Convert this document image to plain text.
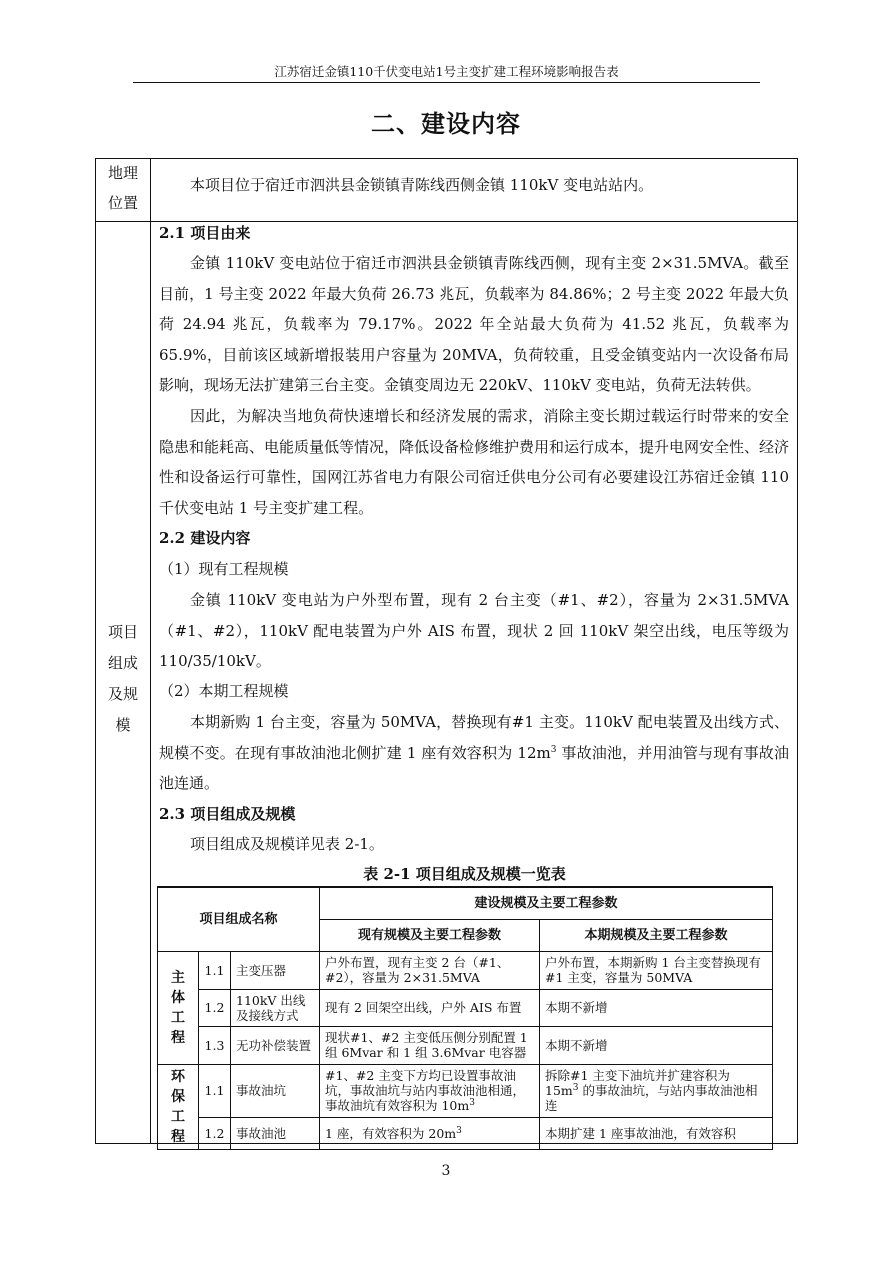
江苏宿迁金镇110千伏变电站1号主变扩建工程环境影响报告表
二、建设内容
地理
位置

本项目位于宿迁市泗洪县金锁镇青陈线西侧金镇 110kV 变电站站内。

项目
组成
及规
模

2.1 项目由来

金镇 110kV 变电站位于宿迁市泗洪县金锁镇青陈线西侧，现有主变 2×31.5MVA。截至目前，1 号主变 2022 年最大负荷 26.73 兆瓦，负载率为 84.86%；2 号主变 2022 年最大负荷 24.94 兆瓦，负载率为 79.17%。2022 年全站最大负荷为 41.52 兆瓦，负载率为 65.9%，目前该区域新增报装用户容量为 20MVA，负荷较重，且受金镇变站内一次设备布局影响，现场无法扩建第三台主变。金镇变周边无 220kV、110kV 变电站，负荷无法转供。

因此，为解决当地负荷快速增长和经济发展的需求，消除主变长期过载运行时带来的安全隐患和能耗高、电能质量低等情况，降低设备检修维护费用和运行成本，提升电网安全性、经济性和设备运行可靠性，国网江苏省电力有限公司宿迁供电分公司有必要建设江苏宿迁金镇 110 千伏变电站 1 号主变扩建工程。

2.2 建设内容

（1）现有工程规模

金镇 110kV 变电站为户外型布置，现有 2 台主变（#1、#2），容量为 2×31.5MVA（#1、#2），110kV 配电装置为户外 AIS 布置，现状 2 回 110kV 架空出线，电压等级为 110/35/10kV。

（2）本期工程规模

本期新购 1 台主变，容量为 50MVA，替换现有#1 主变。110kV 配电装置及出线方式、规模不变。在现有事故油池北侧扩建 1 座有效容积为 $12m^3$ 事故油池，并用油管与现有事故油池连通。

2.3 项目组成及规模

项目组成及规模详见表 2-1。

表 2-1 项目组成及规模一览表
项目组成名称			建设规模及主要工程参数	
			现有规模及主要工程参数	本期规模及主要工程参数
主体工程	1.1	主变压器	户外布置，现有主变 2 台（#1、#2），容量为 2×31.5MVA	户外布置，本期新购 1 台主变替换现有#1 主变，容量为 50MVA
	1.2	110kV 出线及接线方式	现有 2 回架空出线，户外 AIS 布置	本期不新增
	1.3	无功补偿装置	现状#1、#2 主变低压侧分别配置 1 组 6Mvar 和 1 组 3.6Mvar 电容器	本期不新增
环保工程	1.1	事故油坑	#1、#2 主变下方均已设置事故油坑，事故油坑与站内事故油池相通，事故油坑有效容积为 $10m^3$	拆除#1 主变下油坑并扩建容积为 $15m^3$ 的事故油坑，与站内事故油池相连
	1.2	事故油池	1 座，有效容积为 $20m^3$	本期扩建 1 座事故油池，有效容积
3
